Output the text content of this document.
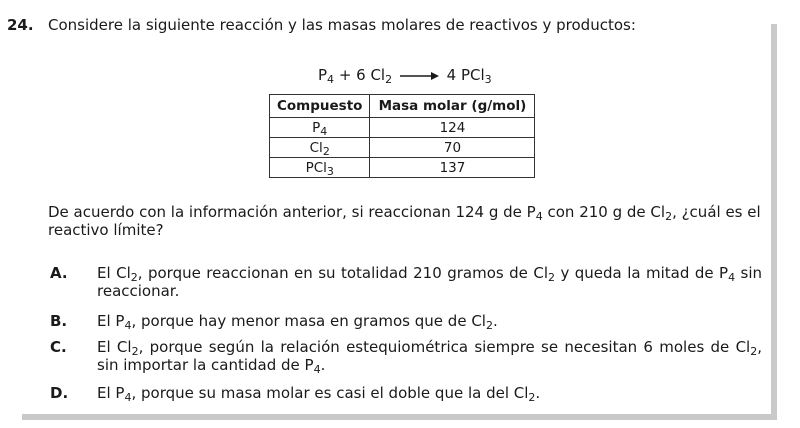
24. Considere la siguiente reacción y las masas molares de reactivos y productos:
$P_4 + 6$ $Cl_2 \to 4$ PCl$_3$
Compuesto	Masa molar (g/mol)
$P_4$	124
$Cl_2$	70
PCl$_3$	137
De acuerdo con la información anterior, si reaccionan 124 g de $P_4$ con 210 g de $Cl_2$, ¿cuál es el reactivo límite?
A. El $Cl_2$, porque reaccionan en su totalidad 210 gramos de $Cl_2$ y queda la mitad de $P_4$ sin reaccionar.
B. El $P_4$, porque hay menor masa en gramos que de $Cl_2$.
C. El $Cl_2$, porque según la relación estequiométrica siempre se necesitan 6 moles de $Cl_2$, sin importar la cantidad de $P_4$.
D. El $P_4$, porque su masa molar es casi el doble que la del $Cl_2$.
